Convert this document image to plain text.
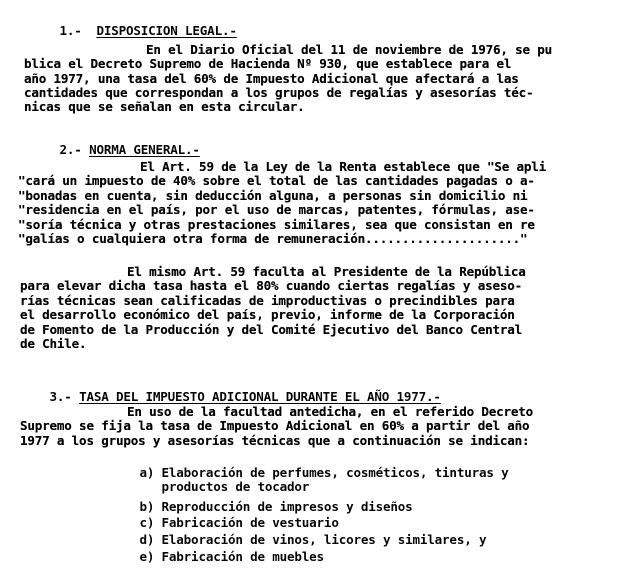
1.- DISPOSICION LEGAL.-

En el Diario Oficial del 11 de noviembre de 1976, se pu
blica el Decreto Supremo de Hacienda Nº 930, que establece para el
año 1977, una tasa del 60% de Impuesto Adicional que afectará a las
cantidades que correspondan a los grupos de regalías y asesorías téc-
nicas que se señalan en esta circular.

2.- NORMA GENERAL.-

El Art. 59 de la Ley de la Renta establece que "Se apli
"cará un impuesto de 40% sobre el total de las cantidades pagadas o a-
"bonadas en cuenta, sin deducción alguna, a personas sin domicilio ni
"residencia en el país, por el uso de marcas, patentes, fórmulas, ase-
"soría técnica y otras prestaciones similares, sea que consistan en re
"galías o cualquiera otra forma de remuneración....................."
El mismo Art. 59 faculta al Presidente de la República
para elevar dicha tasa hasta el 80% cuando ciertas regalías y aseso-
rías técnicas sean calificadas de improductivas o precindibles para
el desarrollo económico del país, previo, informe de la Corporación
de Fomento de la Producción y del Comité Ejecutivo del Banco Central
de Chile.

3.- TASA DEL IMPUESTO ADICIONAL DURANTE EL AÑO 1977.-

En uso de la facultad antedicha, en el referido Decreto
Supremo se fija la tasa de Impuesto Adicional en 60% a partir del año
1977 a los grupos y asesorías técnicas que a continuación se indican:

a) Elaboración de perfumes, cosméticos, tinturas y

productos de tocador

b) Reproducción de impresos y diseños

c) Fabricación de vestuario

d) Elaboración de vinos, licores y similares, y

e) Fabricación de muebles
